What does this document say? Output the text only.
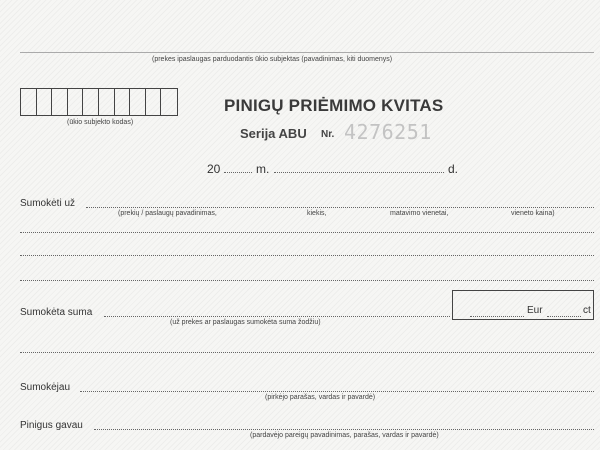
(prekes ipaslaugas parduodantis ūkio subjektas (pavadinimas, kiti duomenys)
(ūkio subjekto kodas)
PINIGŲ PRIĖMIMO KVITAS
Serija ABU Nr. 4276251
20	m.	d.
Sumokėti už
(prekių / paslaugų pavadinimas,	kiekis,	matavimo vienetai,	vieneto kaina)
Sumokėta suma
(už prekes ar paslaugas sumokėta suma žodžiu)
Eur	ct
Sumokėjau
(pirkėjo parašas, vardas ir pavardė)
Pinigus gavau
(pardavėjo pareigų pavadinimas, parašas, vardas ir pavardė)
